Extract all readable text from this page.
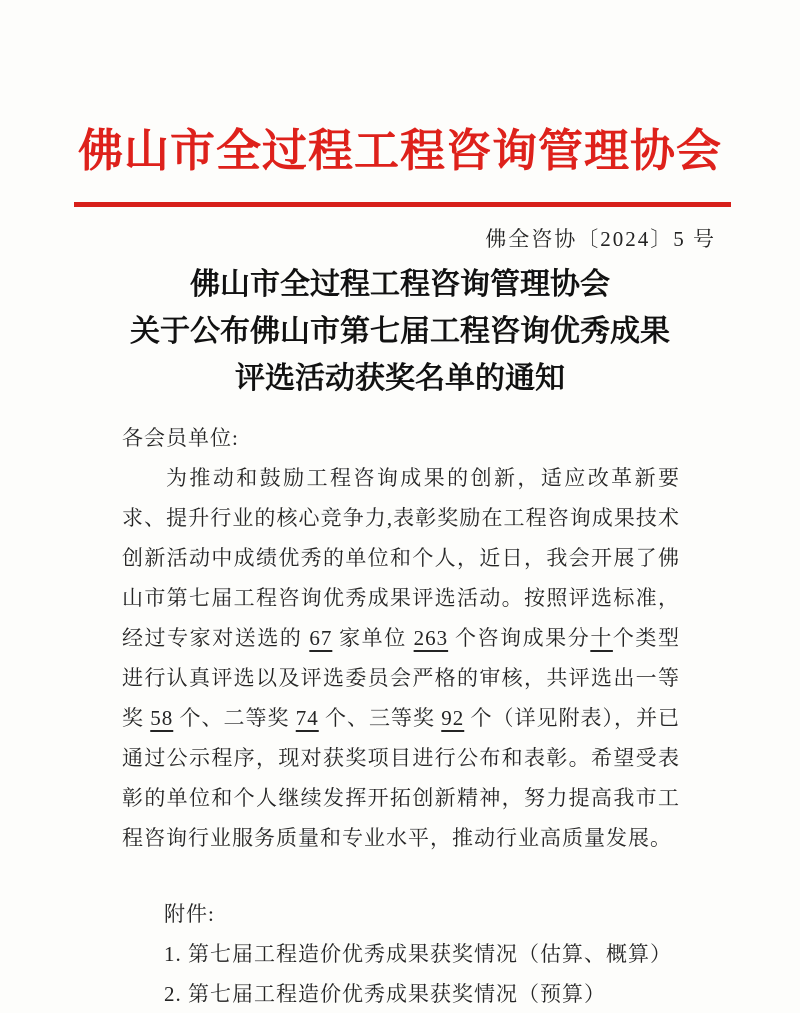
佛山市全过程工程咨询管理协会
佛全咨协〔2024〕5 号
佛山市全过程工程咨询管理协会
关于公布佛山市第七届工程咨询优秀成果
评选活动获奖名单的通知
各会员单位:
为推动和鼓励工程咨询成果的创新，适应改革新要求、提升行业的核心竞争力,表彰奖励在工程咨询成果技术创新活动中成绩优秀的单位和个人，近日，我会开展了佛山市第七届工程咨询优秀成果评选活动。按照评选标准，经过专家对送选的 67 家单位 263 个咨询成果分十个类型进行认真评选以及评选委员会严格的审核，共评选出一等奖 58 个、二等奖 74 个、三等奖 92 个（详见附表），并已通过公示程序，现对获奖项目进行公布和表彰。希望受表彰的单位和个人继续发挥开拓创新精神，努力提高我市工程咨询行业服务质量和专业水平，推动行业高质量发展。
附件:
1. 第七届工程造价优秀成果获奖情况（估算、概算）
2. 第七届工程造价优秀成果获奖情况（预算）
